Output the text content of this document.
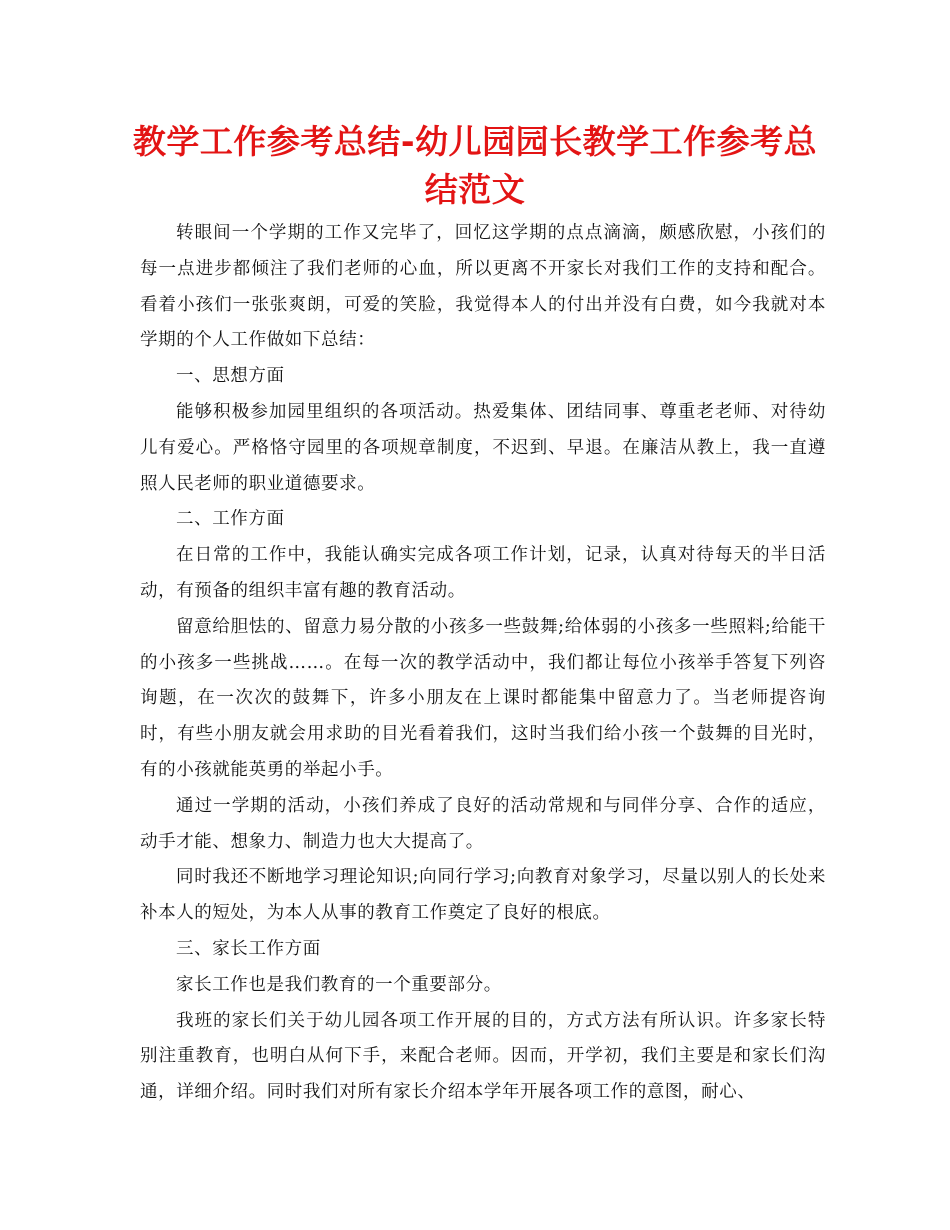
教学工作参考总结-幼儿园园长教学工作参考总结范文

转眼间一个学期的工作又完毕了，回忆这学期的点点滴滴，颇感欣慰，小孩们的每一点进步都倾注了我们老师的心血，所以更离不开家长对我们工作的支持和配合。看着小孩们一张张爽朗，可爱的笑脸，我觉得本人的付出并没有白费，如今我就对本学期的个人工作做如下总结：

一、思想方面

能够积极参加园里组织的各项活动。热爱集体、团结同事、尊重老老师、对待幼儿有爱心。严格恪守园里的各项规章制度，不迟到、早退。在廉洁从教上，我一直遵照人民老师的职业道德要求。

二、工作方面

在日常的工作中，我能认确实完成各项工作计划，记录，认真对待每天的半日活动，有预备的组织丰富有趣的教育活动。

留意给胆怯的、留意力易分散的小孩多一些鼓舞;给体弱的小孩多一些照料;给能干的小孩多一些挑战……。在每一次的教学活动中，我们都让每位小孩举手答复下列咨询题，在一次次的鼓舞下，许多小朋友在上课时都能集中留意力了。当老师提咨询时，有些小朋友就会用求助的目光看着我们，这时当我们给小孩一个鼓舞的目光时，有的小孩就能英勇的举起小手。

通过一学期的活动，小孩们养成了良好的活动常规和与同伴分享、合作的适应，动手才能、想象力、制造力也大大提高了。

同时我还不断地学习理论知识;向同行学习;向教育对象学习，尽量以别人的长处来补本人的短处，为本人从事的教育工作奠定了良好的根底。

三、家长工作方面

家长工作也是我们教育的一个重要部分。

我班的家长们关于幼儿园各项工作开展的目的，方式方法有所认识。许多家长特别注重教育，也明白从何下手，来配合老师。因而，开学初，我们主要是和家长们沟通，详细介绍。同时我们对所有家长介绍本学年开展各项工作的意图，耐心、
